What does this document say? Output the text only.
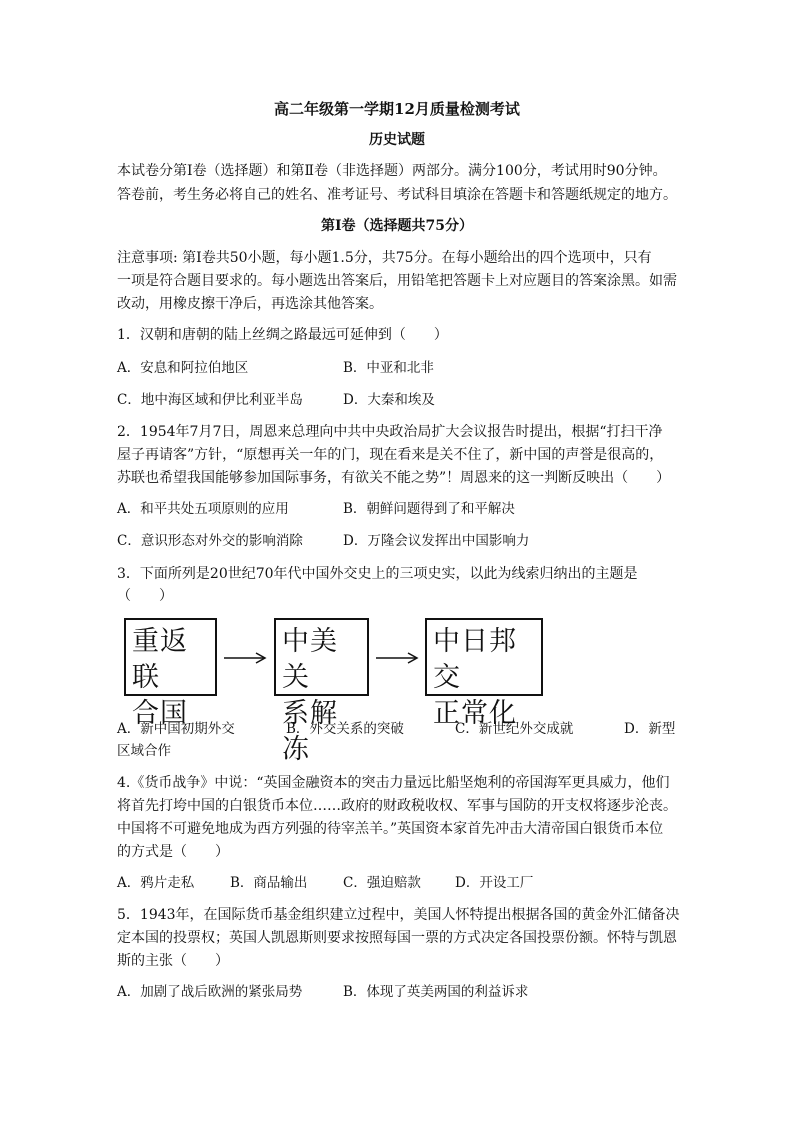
高二年级第一学期12月质量检测考试
历史试题
本试卷分第Ⅰ卷（选择题）和第Ⅱ卷（非选择题）两部分。满分100分，考试用时90分钟。
答卷前，考生务必将自己的姓名、准考证号、考试科目填涂在答题卡和答题纸规定的地方。
第Ⅰ卷（选择题共75分）
注意事项: 第Ⅰ卷共50小题，每小题1.5分，共75分。在每小题给出的四个选项中，只有
一项是符合题目要求的。每小题选出答案后，用铅笔把答题卡上对应题目的答案涂黑。如需
改动，用橡皮擦干净后，再选涂其他答案。
1．汉朝和唐朝的陆上丝绸之路最远可延伸到（　　）
A．安息和阿拉伯地区	B．中亚和北非
C．地中海区域和伊比利亚半岛	D．大秦和埃及
2．1954年7月7日，周恩来总理向中共中央政治局扩大会议报告时提出，根据“打扫干净
屋子再请客”方针，“原想再关一年的门，现在看来是关不住了，新中国的声誉是很高的，
苏联也希望我国能够参加国际事务，有欲关不能之势”！周恩来的这一判断反映出（　　）
A．和平共处五项原则的应用	B．朝鲜问题得到了和平解决
C．意识形态对外交的影响消除	D．万隆会议发挥出中国影响力
3．下面所列是20世纪70年代中国外交史上的三项史实，以此为线索归纳出的主题是
（　　）
重返联
合国
中美关
系解冻
中日邦交
正常化
A．新中国初期外交	B．外交关系的突破	C．新世纪外交成就	D．新型
区域合作
4.《货币战争》中说：“英国金融资本的突击力量远比船坚炮利的帝国海军更具威力，他们
将首先打垮中国的白银货币本位……政府的财政税收权、军事与国防的开支权将逐步沦丧。
中国将不可避免地成为西方列强的待宰羔羊。”英国资本家首先冲击大清帝国白银货币本位
的方式是（　　）
A．鸦片走私	B．商品输出	C．强迫赔款	D．开设工厂
5．1943年，在国际货币基金组织建立过程中，美国人怀特提出根据各国的黄金外汇储备决
定本国的投票权；英国人凯恩斯则要求按照每国一票的方式决定各国投票份额。怀特与凯恩
斯的主张（　　）
A．加剧了战后欧洲的紧张局势	B．体现了英美两国的利益诉求
